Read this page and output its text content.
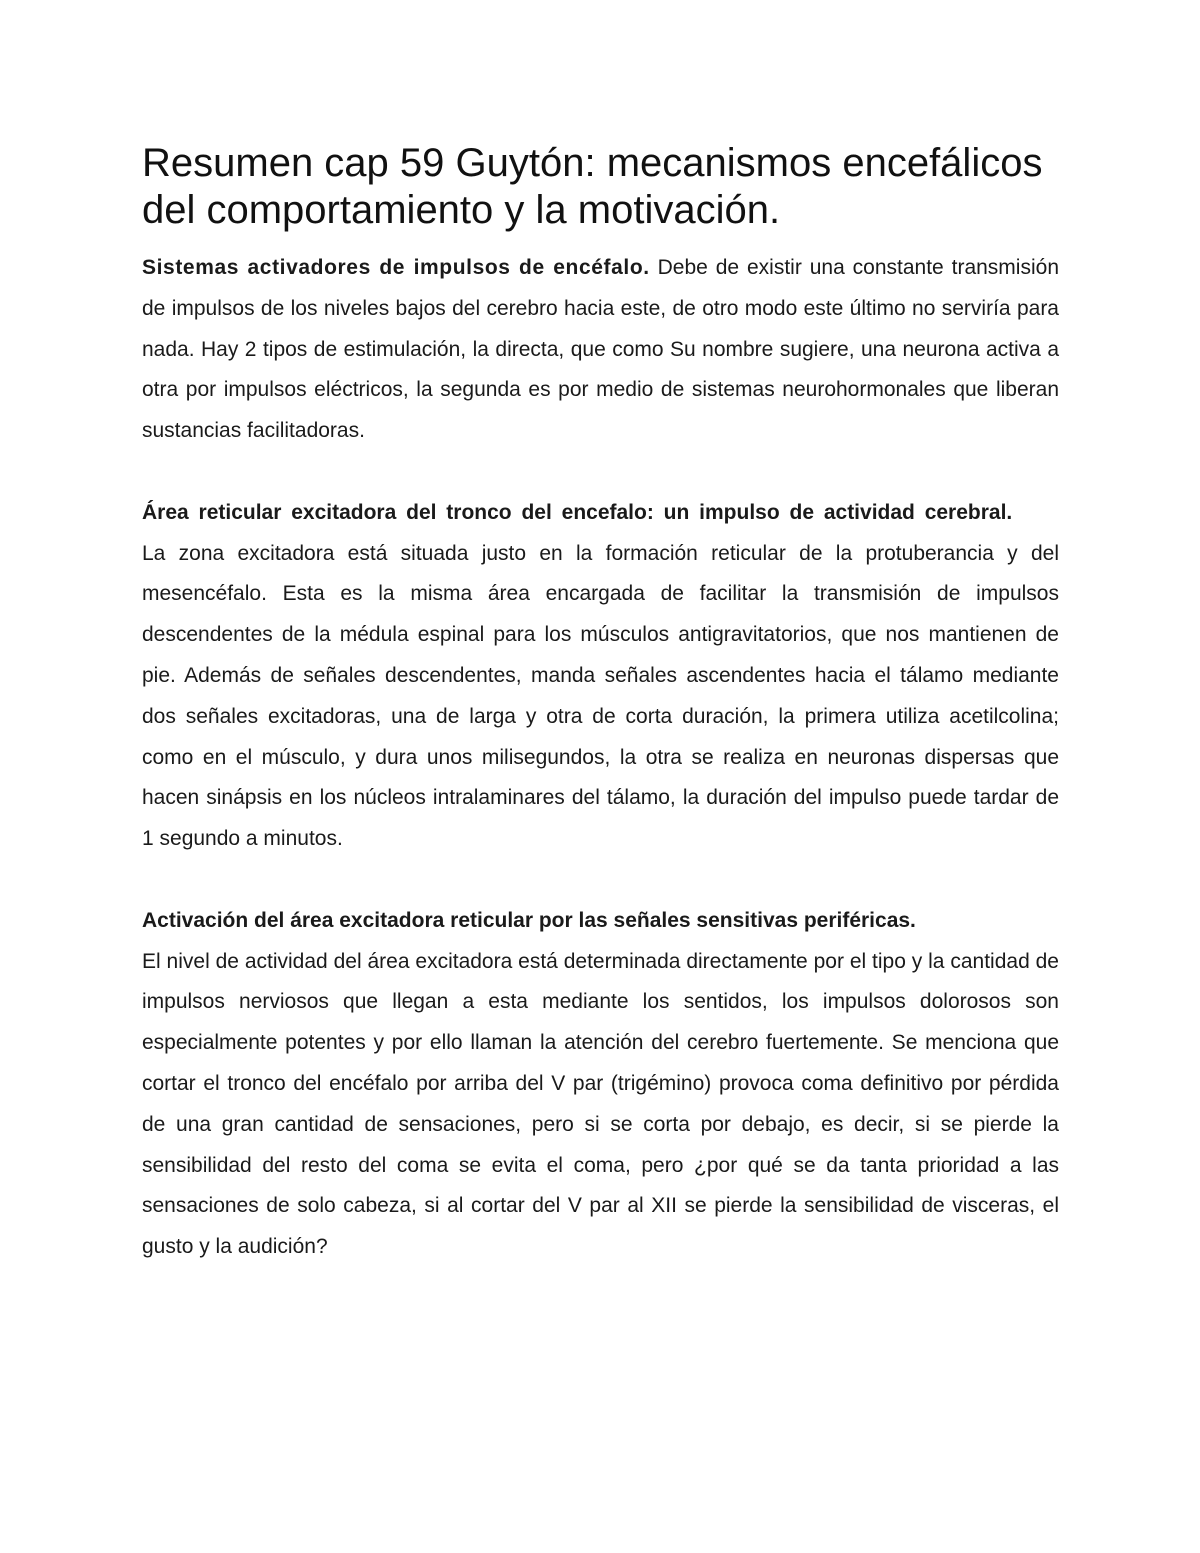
Resumen cap 59 Guytón: mecanismos encefálicos del comportamiento y la motivación.

Sistemas activadores de impulsos de encéfalo. Debe de existir una constante transmisión de impulsos de los niveles bajos del cerebro hacia este, de otro modo este último no serviría para nada. Hay 2 tipos de estimulación, la directa, que como Su nombre sugiere, una neurona activa a otra por impulsos eléctricos, la segunda es por medio de sistemas neurohormonales que liberan sustancias facilitadoras.

Área reticular excitadora del tronco del encefalo: un impulso de actividad cerebral.
La zona excitadora está situada justo en la formación reticular de la protuberancia y del mesencéfalo. Esta es la misma área encargada de facilitar la transmisión de impulsos descendentes de la médula espinal para los músculos antigravitatorios, que nos mantienen de pie. Además de señales descendentes, manda señales ascendentes hacia el tálamo mediante dos señales excitadoras, una de larga y otra de corta duración, la primera utiliza acetilcolina; como en el músculo, y dura unos milisegundos, la otra se realiza en neuronas dispersas que hacen sinápsis en los núcleos intralaminares del tálamo, la duración del impulso puede tardar de 1 segundo a minutos.

Activación del área excitadora reticular por las señales sensitivas periféricas.
El nivel de actividad del área excitadora está determinada directamente por el tipo y la cantidad de impulsos nerviosos que llegan a esta mediante los sentidos, los impulsos dolorosos son especialmente potentes y por ello llaman la atención del cerebro fuertemente. Se menciona que cortar el tronco del encéfalo por arriba del V par (trigémino) provoca coma definitivo por pérdida de una gran cantidad de sensaciones, pero si se corta por debajo, es decir, si se pierde la sensibilidad del resto del coma se evita el coma, pero ¿por qué se da tanta prioridad a las sensaciones de solo cabeza, si al cortar del V par al XII se pierde la sensibilidad de visceras, el gusto y la audición?
